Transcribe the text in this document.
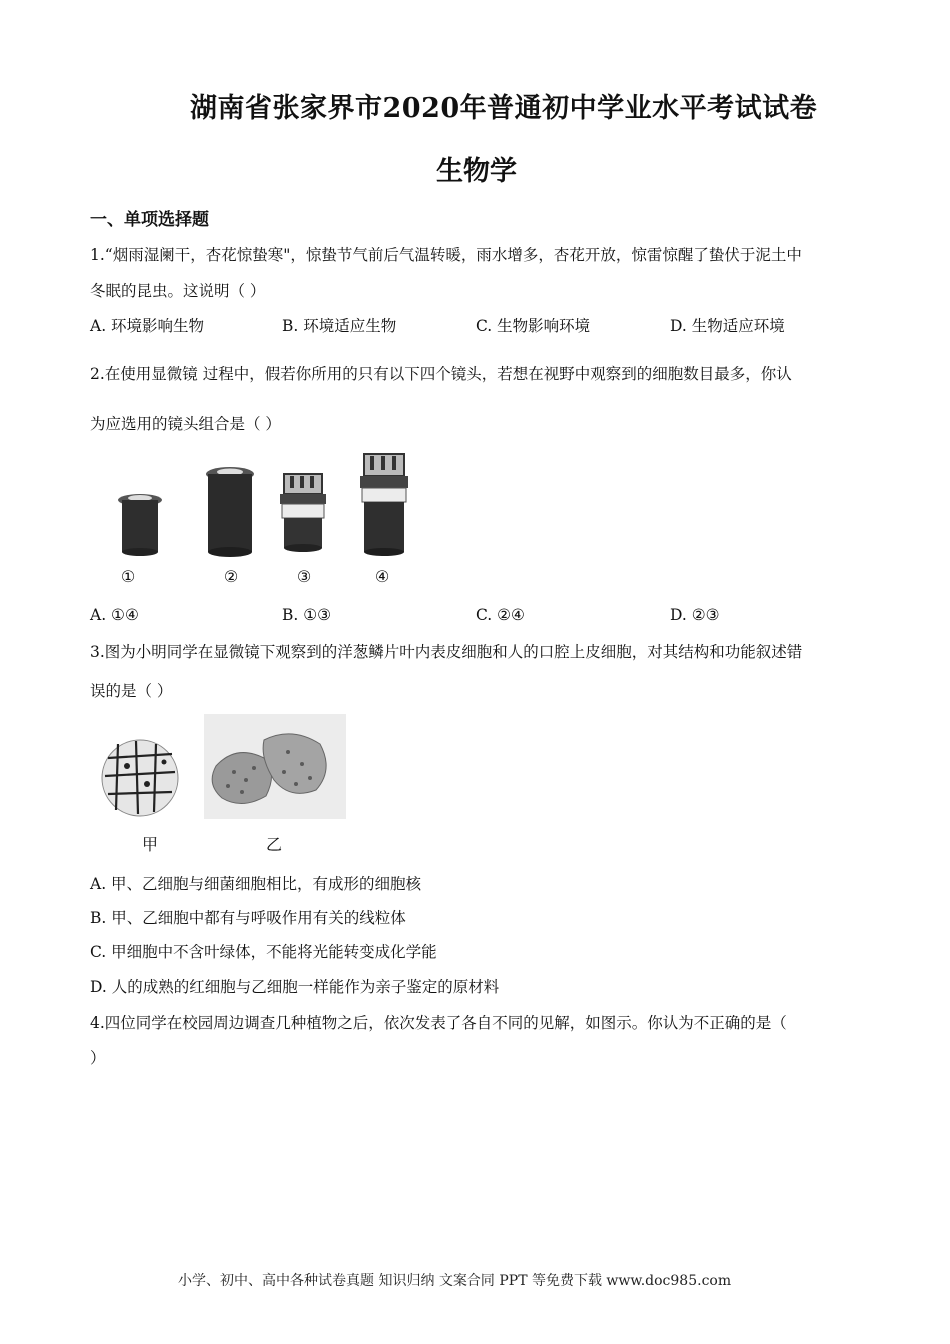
湖南省张家界市2020年普通初中学业水平考试试卷
生物学
一、单项选择题
1.“烟雨湿阑干，杏花惊蛰寒"，惊蛰节气前后气温转暖，雨水增多，杏花开放，惊雷惊醒了蛰伏于泥土中
冬眠的昆虫。这说明（ ）
A. 环境影响生物	B. 环境适应生物	C. 生物影响环境	D. 生物适应环境
2.在使用显微镜 过程中，假若你所用的只有以下四个镜头，若想在视野中观察到的细胞数目最多，你认
为应选用的镜头组合是（ ）
①	②	③	④
A. ①④	B. ①③	C. ②④	D. ②③
3.图为小明同学在显微镜下观察到的洋葱鳞片叶内表皮细胞和人的口腔上皮细胞，对其结构和功能叙述错
误的是（ ）
甲	乙
A. 甲、乙细胞与细菌细胞相比，有成形的细胞核
B. 甲、乙细胞中都有与呼吸作用有关的线粒体
C. 甲细胞中不含叶绿体，不能将光能转变成化学能
D. 人的成熟的红细胞与乙细胞一样能作为亲子鉴定的原材料
4.四位同学在校园周边调查几种植物之后，依次发表了各自不同的见解，如图示。你认为不正确的是（
）
小学、初中、高中各种试卷真题 知识归纳 文案合同 PPT 等免费下载 www.doc985.com
